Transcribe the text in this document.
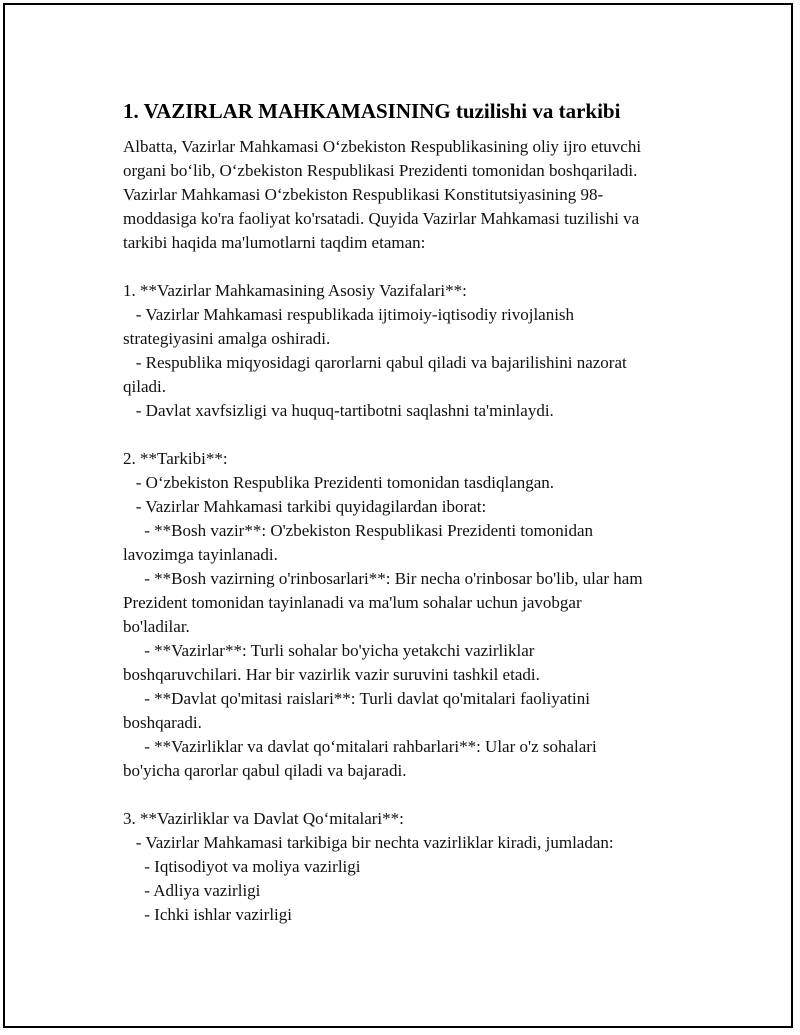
1. VAZIRLAR MAHKAMASINING tuzilishi va tarkibi

Albatta, Vazirlar Mahkamasi O‘zbekiston Respublikasining oliy ijro etuvchi
organi bo‘lib, O‘zbekiston Respublikasi Prezidenti tomonidan boshqariladi.
Vazirlar Mahkamasi O‘zbekiston Respublikasi Konstitutsiyasining 98-
moddasiga ko'ra faoliyat ko'rsatadi. Quyida Vazirlar Mahkamasi tuzilishi va
tarkibi haqida ma'lumotlarni taqdim etaman:

1. **Vazirlar Mahkamasining Asosiy Vazifalari**:
- Vazirlar Mahkamasi respublikada ijtimoiy-iqtisodiy rivojlanish
strategiyasini amalga oshiradi.
- Respublika miqyosidagi qarorlarni qabul qiladi va bajarilishini nazorat
qiladi.
- Davlat xavfsizligi va huquq-tartibotni saqlashni ta'minlaydi.

2. **Tarkibi**:
- O‘zbekiston Respublika Prezidenti tomonidan tasdiqlangan.
- Vazirlar Mahkamasi tarkibi quyidagilardan iborat:
- **Bosh vazir**: O'zbekiston Respublikasi Prezidenti tomonidan
lavozimga tayinlanadi.
- **Bosh vazirning o'rinbosarlari**: Bir necha o'rinbosar bo'lib, ular ham
Prezident tomonidan tayinlanadi va ma'lum sohalar uchun javobgar
bo'ladilar.
- **Vazirlar**: Turli sohalar bo'yicha yetakchi vazirliklar
boshqaruvchilari. Har bir vazirlik vazir suruvini tashkil etadi.
- **Davlat qo'mitasi raislari**: Turli davlat qo'mitalari faoliyatini
boshqaradi.
- **Vazirliklar va davlat qo‘mitalari rahbarlari**: Ular o'z sohalari
bo'yicha qarorlar qabul qiladi va bajaradi.

3. **Vazirliklar va Davlat Qo‘mitalari**:
- Vazirlar Mahkamasi tarkibiga bir nechta vazirliklar kiradi, jumladan:
- Iqtisodiyot va moliya vazirligi
- Adliya vazirligi
- Ichki ishlar vazirligi
